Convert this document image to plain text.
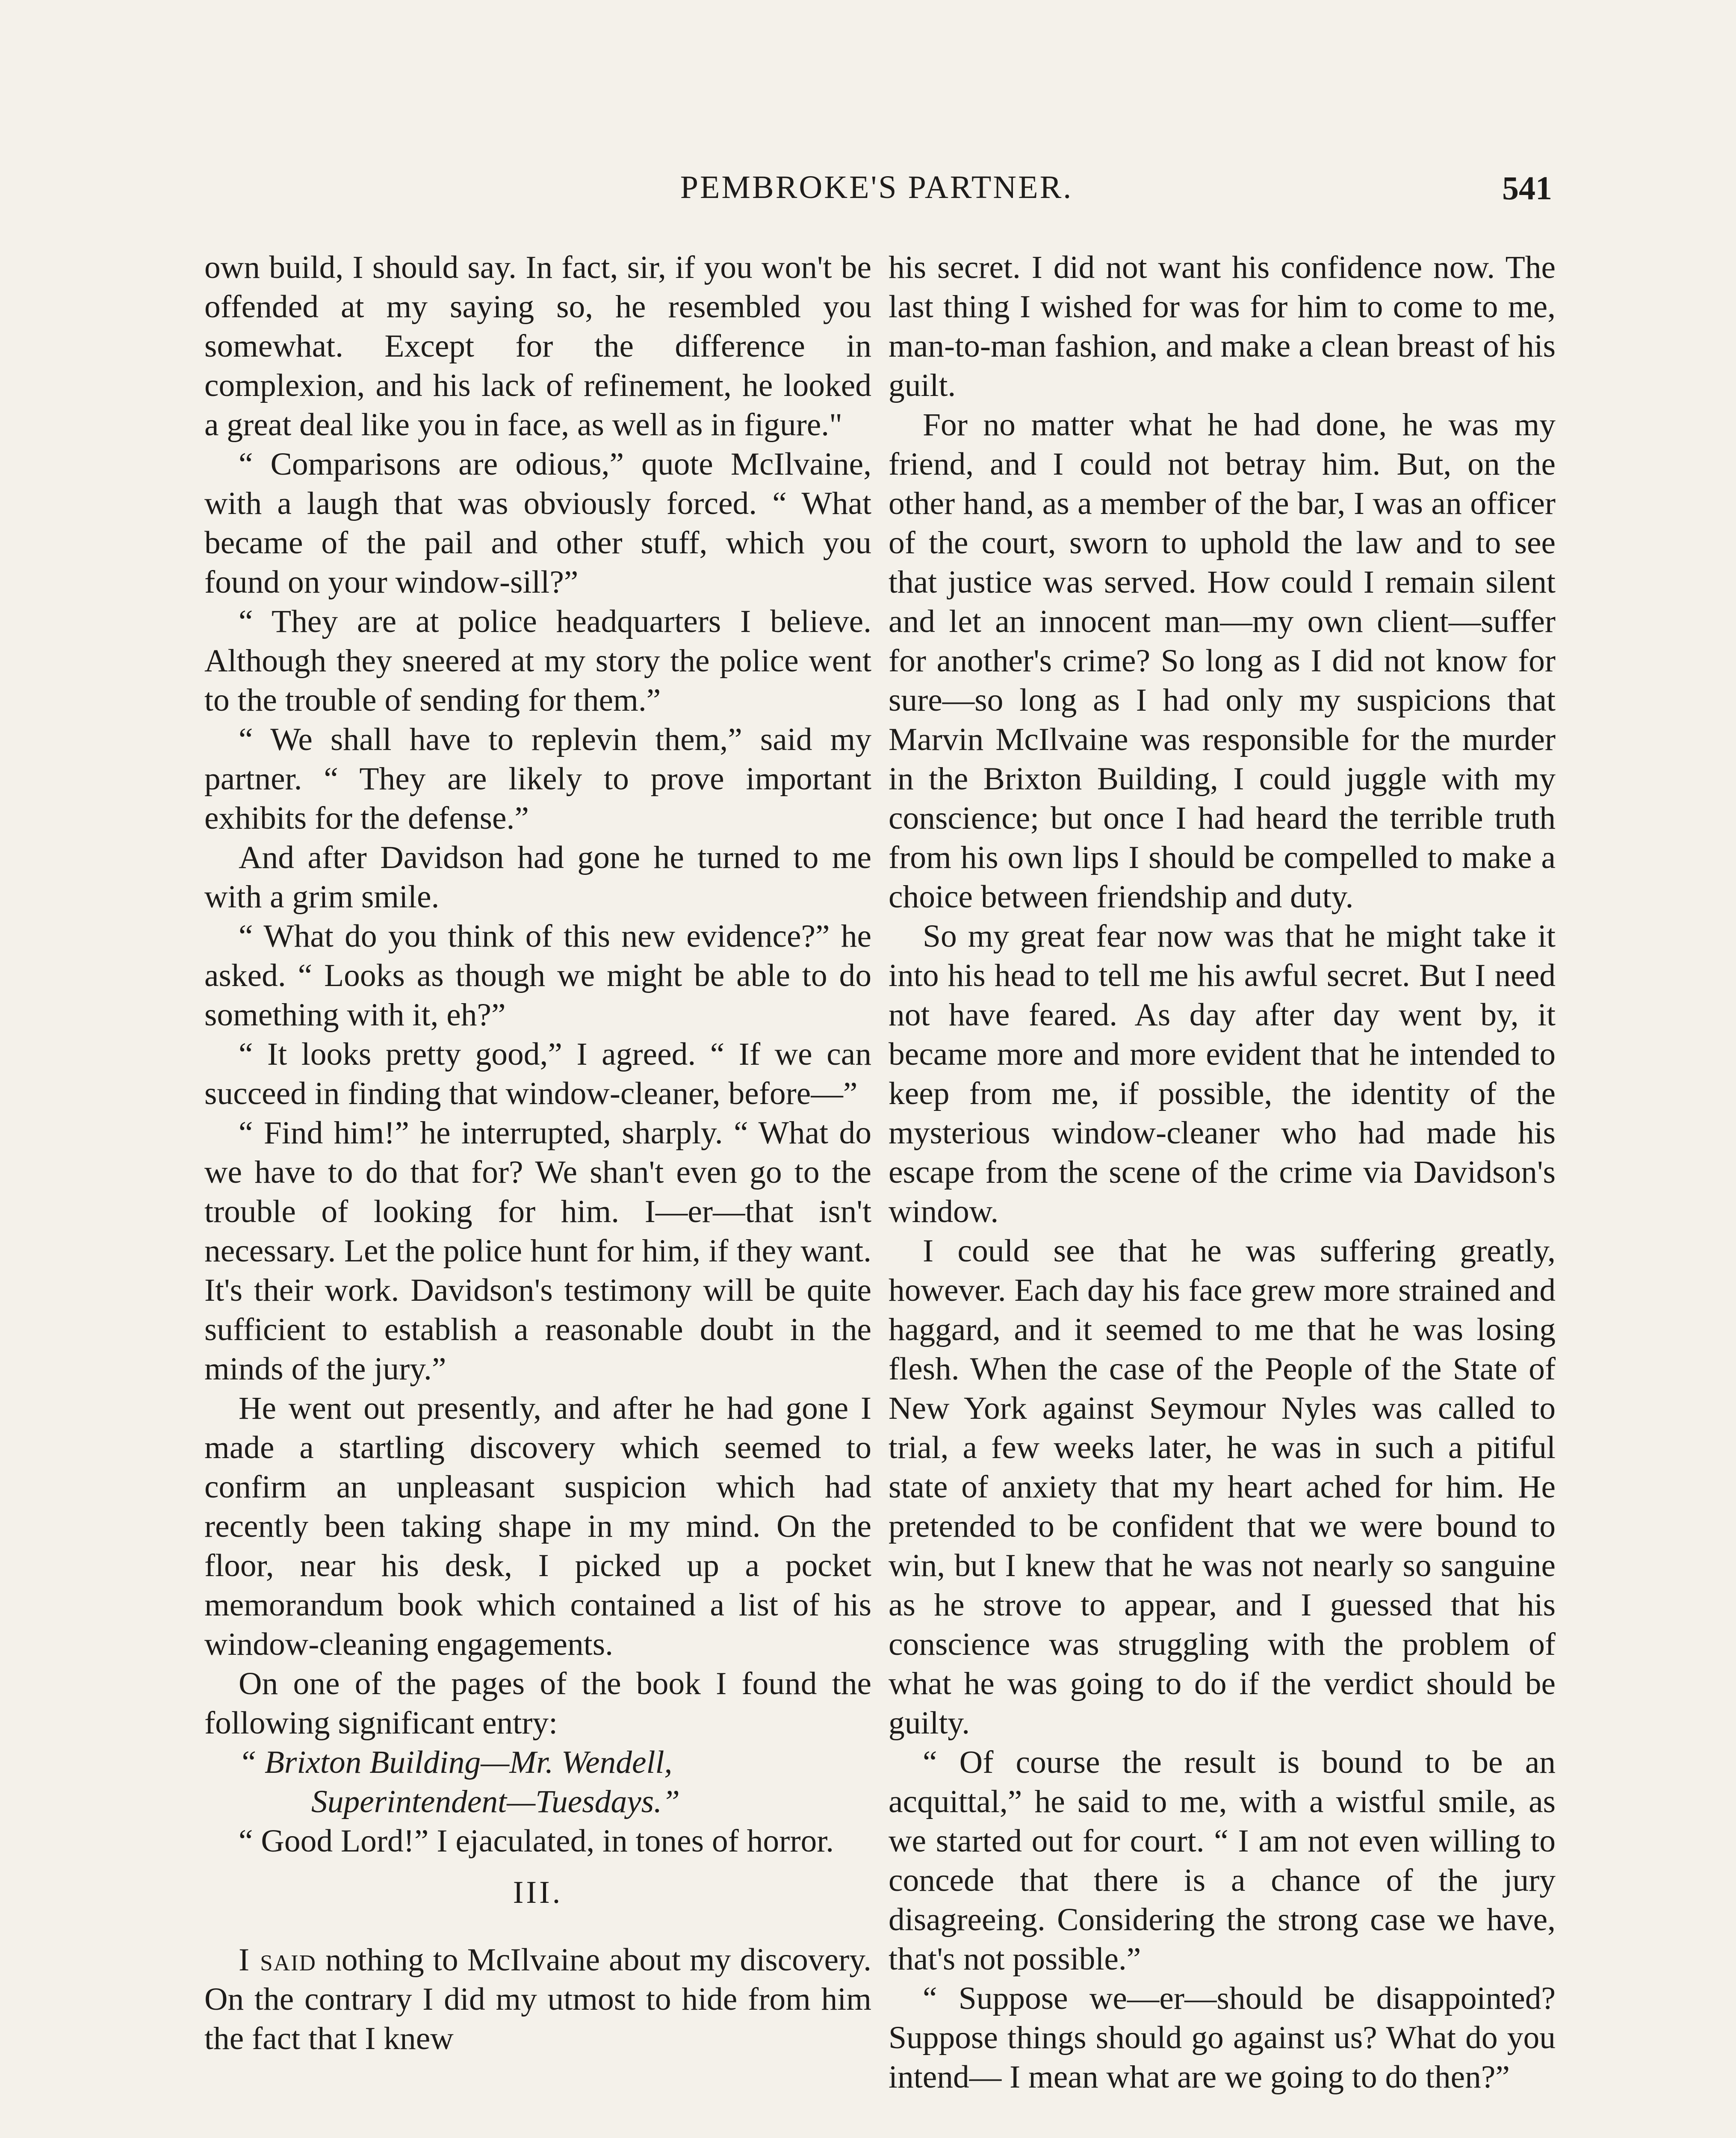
PEMBROKE'S PARTNER.	541

own build, I should say. In fact, sir, if you won't be offended at my saying so, he resembled you somewhat. Except for the difference in complexion, and his lack of refinement, he looked a great deal like you in face, as well as in figure."

“ Comparisons are odious,” quote McIlvaine, with a laugh that was obviously forced. “ What became of the pail and other stuff, which you found on your window-sill?”

“ They are at police headquarters I believe. Although they sneered at my story the police went to the trouble of sending for them.”

“ We shall have to replevin them,” said my partner. “ They are likely to prove important exhibits for the defense.”

And after Davidson had gone he turned to me with a grim smile.

“ What do you think of this new evidence?” he asked. “ Looks as though we might be able to do something with it, eh?”

“ It looks pretty good,” I agreed. “ If we can succeed in finding that window-cleaner, before—”

“ Find him!” he interrupted, sharply. “ What do we have to do that for? We shan't even go to the trouble of looking for him. I—er—that isn't necessary. Let the police hunt for him, if they want. It's their work. Davidson's testimony will be quite sufficient to establish a reasonable doubt in the minds of the jury.”

He went out presently, and after he had gone I made a startling discovery which seemed to confirm an unpleasant suspicion which had recently been taking shape in my mind. On the floor, near his desk, I picked up a pocket memorandum book which contained a list of his window-cleaning engagements.

On one of the pages of the book I found the following significant entry:

“ Brixton Building—Mr. Wendell,
Superintendent—Tuesdays.”

“ Good Lord!” I ejaculated, in tones of horror.

III.

I said nothing to McIlvaine about my discovery. On the contrary I did my utmost to hide from him the fact that I knew

his secret. I did not want his confidence now. The last thing I wished for was for him to come to me, man-to-man fashion, and make a clean breast of his guilt.

For no matter what he had done, he was my friend, and I could not betray him. But, on the other hand, as a member of the bar, I was an officer of the court, sworn to uphold the law and to see that justice was served. How could I remain silent and let an innocent man—my own client—suffer for another's crime? So long as I did not know for sure—so long as I had only my suspicions that Marvin McIlvaine was responsible for the murder in the Brixton Building, I could juggle with my conscience; but once I had heard the terrible truth from his own lips I should be compelled to make a choice between friendship and duty.

So my great fear now was that he might take it into his head to tell me his awful secret. But I need not have feared. As day after day went by, it became more and more evident that he intended to keep from me, if possible, the identity of the mysterious window-cleaner who had made his escape from the scene of the crime via Davidson's window.

I could see that he was suffering greatly, however. Each day his face grew more strained and haggard, and it seemed to me that he was losing flesh. When the case of the People of the State of New York against Seymour Nyles was called to trial, a few weeks later, he was in such a pitiful state of anxiety that my heart ached for him. He pretended to be confident that we were bound to win, but I knew that he was not nearly so sanguine as he strove to appear, and I guessed that his conscience was struggling with the problem of what he was going to do if the verdict should be guilty.

“ Of course the result is bound to be an acquittal,” he said to me, with a wistful smile, as we started out for court. “ I am not even willing to concede that there is a chance of the jury disagreeing. Considering the strong case we have, that's not possible.”

“ Suppose we—er—should be disappointed? Suppose things should go against us? What do you intend— I mean what are we going to do then?”
